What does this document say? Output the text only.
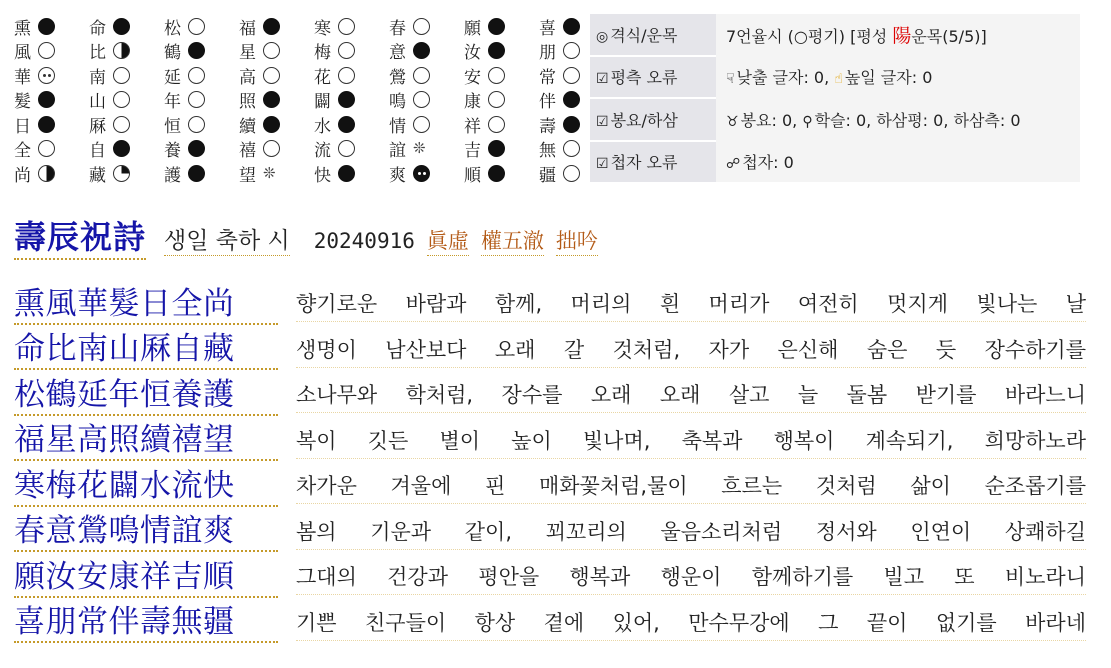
熏	命	松	福	寒	春	願	喜
風	比	鶴	星	梅	意	汝	朋
華	南	延	高	花	鶯	安	常
髮	山	年	照	闢	鳴	康	伴
日	厤	恒	續	水	情	祥	壽
全	自	養	禧	流	誼 ❊ 吉	無
尚	藏	護	望 ❊ 快	爽	順	疆
◎ 격식/운목	7언율시 (○평기) [평성 陽운목(5/5)]
☑ 평측 오류	☟ 낮출 글자: 0, ☝ 높일 글자: 0
☑ 봉요/하삼	♉ 봉요: 0, ⚲ 학슬: 0, 하삼평: 0, 하삼측: 0
☑ 첩자 오류	☍ 첩자: 0
壽辰祝詩 생일 축하 시 20240916 眞虛 權五澈 拙吟
熏風華髮日全尚	향기로운 바람과 함께, 머리의 흰 머리가 여전히 멋지게 빛나는 날
命比南山厤自藏	생명이 남산보다 오래 갈 것처럼, 자가 은신해 숨은 듯 장수하기를
松鶴延年恒養護	소나무와 학처럼, 장수를 오래 오래 살고 늘 돌봄 받기를 바라느니
福星高照續禧望	복이 깃든 별이 높이 빛나며, 축복과 행복이 계속되기, 희망하노라
寒梅花闢水流快	차가운 겨울에 핀 매화꽃처럼,물이 흐르는 것처럼 삶이 순조롭기를
春意鶯鳴情誼爽	봄의 기운과 같이, 꾀꼬리의 울음소리처럼 정서와 인연이 상쾌하길
願汝安康祥吉順	그대의 건강과 평안을 행복과 행운이 함께하기를 빌고 또 비노라니
喜朋常伴壽無疆	기쁜 친구들이 항상 곁에 있어, 만수무강에 그 끝이 없기를 바라네
